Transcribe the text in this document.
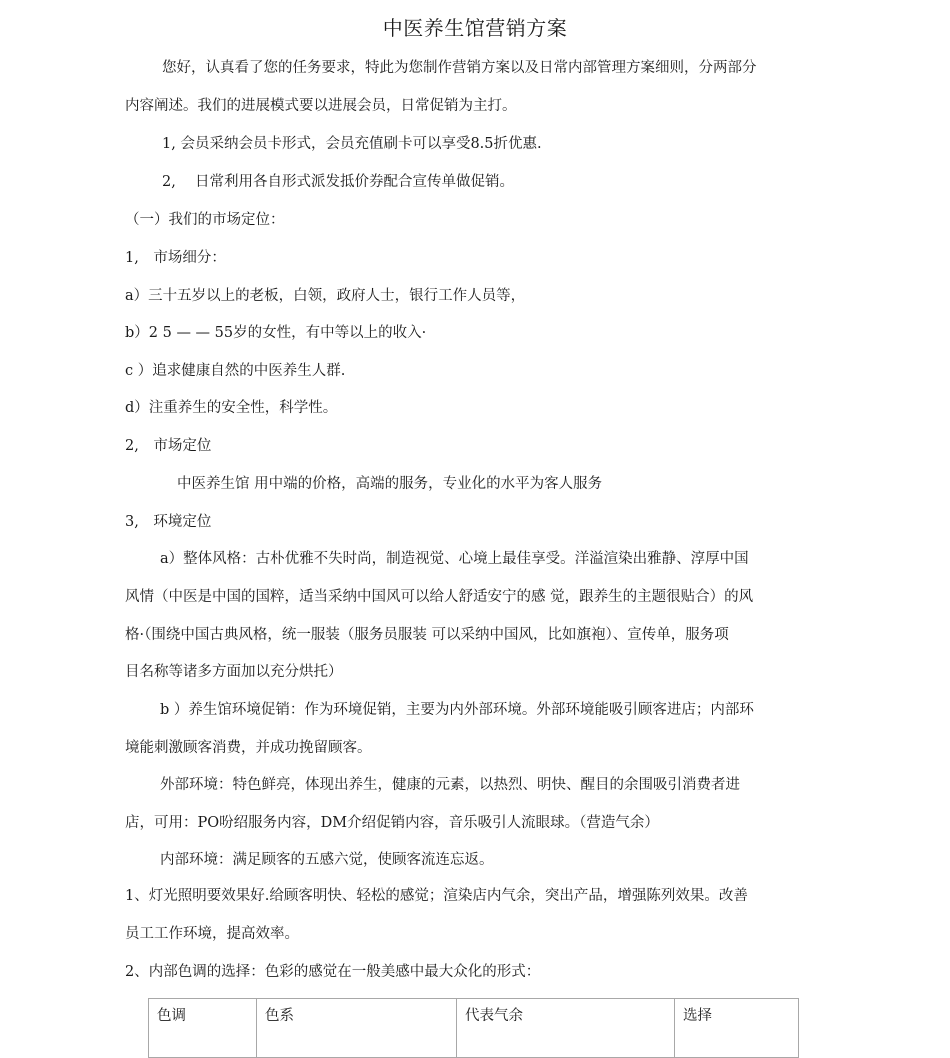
中医养生馆营销方案
您好，认真看了您的任务要求，特此为您制作营销方案以及日常内部管理方案细则，分两部分
内容阐述。我们的进展模式要以进展会员，日常促销为主打。
1, 会员采纳会员卡形式，会员充值刷卡可以享受8.5折优惠.
2,　 日常利用各自形式派发抵价券配合宣传单做促销。
（一）我们的市场定位：
1,　市场细分：
a）三十五岁以上的老板，白领，政府人士，银行工作人员等，
b）2 5 — — 55岁的女性，有中等以上的收入·
c ）追求健康自然的中医养生人群.
d）注重养生的安全性，科学性。
2,　市场定位
中医养生馆 用中端的价格，高端的服务，专业化的水平为客人服务
3,　环境定位
a）整体风格：古朴优雅不失时尚，制造视觉、心境上最佳享受。洋溢渲染出雅静、淳厚中国
风情（中医是中国的国粹，适当采纳中国风可以给人舒适安宁的感 觉，跟养生的主题很贴合）的风
格·（围绕中国古典风格，统一服装（服务员服装 可以采纳中国风，比如旗袍）、宣传单，服务项
目名称等诸多方面加以充分烘托）
b ）养生馆环境促销：作为环境促销，主要为内外部环境。外部环境能吸引顾客进店；内部环
境能刺激顾客消费，并成功挽留顾客。
外部环境：特色鲜亮，体现出养生，健康的元素，以热烈、明快、醒目的余围吸引消费者进
店，可用：PO吩绍服务内容，DM介绍促销内容，音乐吸引人流眼球。（营造气余）
内部环境：满足顾客的五感六觉，使顾客流连忘返。
1、灯光照明要效果好.给顾客明快、轻松的感觉；渲染店内气余，突出产品，增强陈列效果。改善
员工工作环境，提高效率。
2、内部色调的选择：色彩的感觉在一般美感中最大众化的形式：
色调	色系	代表气余	选择
